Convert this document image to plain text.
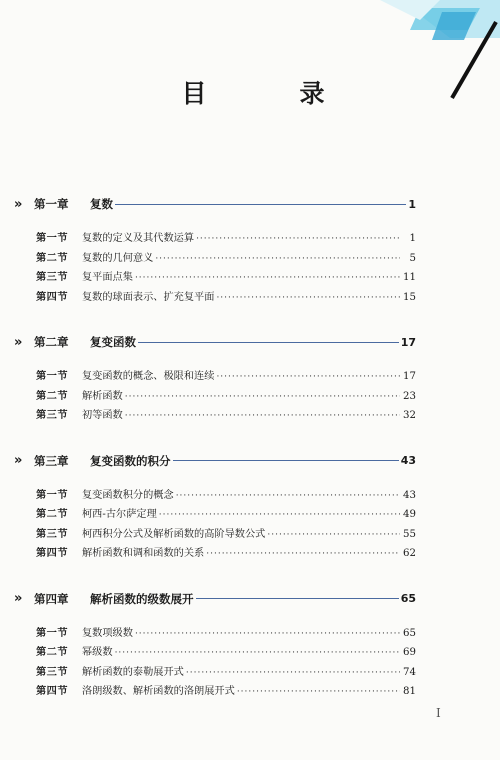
目　录
»	第一章	复数	1
第一节	复数的定义及其代数运算 ·····	1
第二节	复数的几何意义 ·····	5
第三节	复平面点集 ·····	11
第四节	复数的球面表示、扩充复平面 ·····	15
»	第二章	复变函数	17
第一节	复变函数的概念、极限和连续 ·····	17
第二节	解析函数 ·····	23
第三节	初等函数 ·····	32
»	第三章	复变函数的积分	43
第一节	复变函数积分的概念 ·····	43
第二节	柯西-古尔萨定理 ·····	49
第三节	柯西积分公式及解析函数的高阶导数公式 ·····	55
第四节	解析函数和调和函数的关系 ·····	62
»	第四章	解析函数的级数展开	65
第一节	复数项级数 ·····	65
第二节	幂级数 ·····	69
第三节	解析函数的泰勒展开式 ·····	74
第四节	洛朗级数、解析函数的洛朗展开式 ·····	81
I
